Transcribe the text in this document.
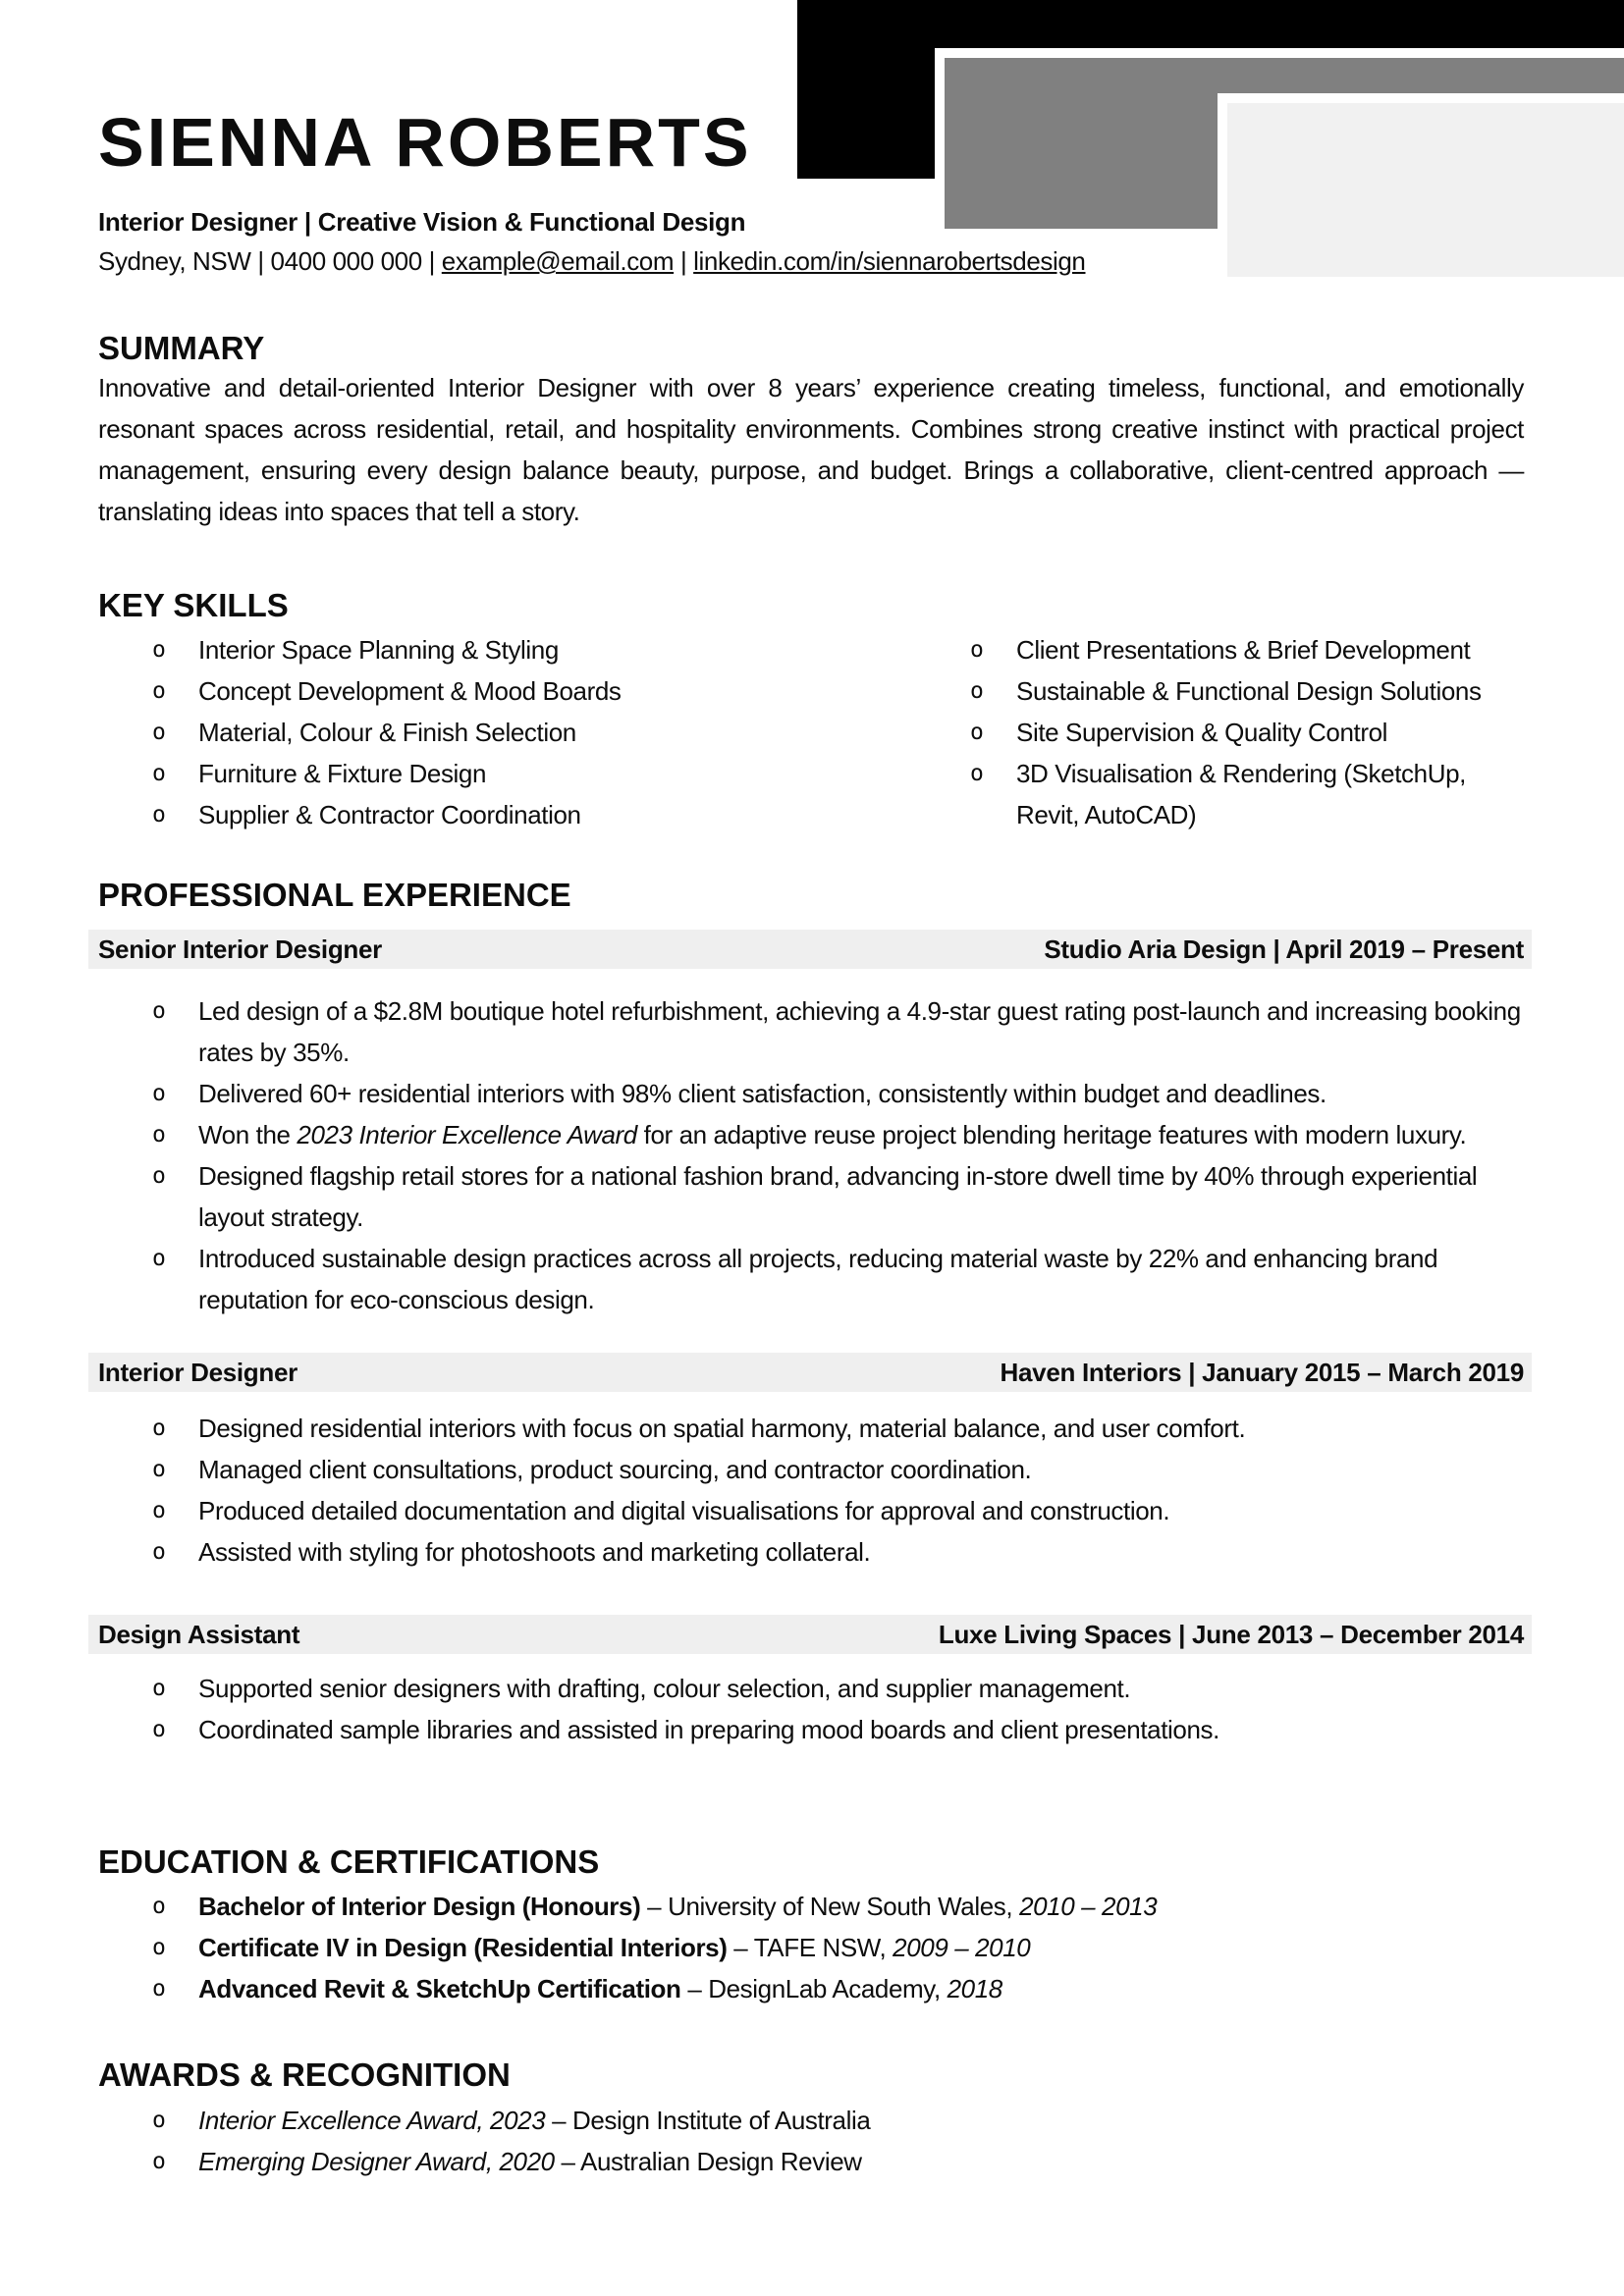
SIENNA ROBERTS
Interior Designer | Creative Vision & Functional Design
Sydney, NSW | 0400 000 000 | example@email.com | linkedin.com/in/siennarobertsdesign
SUMMARY

Innovative and detail-oriented Interior Designer with over 8 years’ experience creating timeless, functional, and emotionally resonant spaces across residential, retail, and hospitality environments. Combines strong creative instinct with practical project management, ensuring every design balance beauty, purpose, and budget. Brings a collaborative, client-centred approach — translating ideas into spaces that tell a story.

KEY SKILLS
o	Interior Space Planning & Styling
o	Concept Development & Mood Boards
o	Material, Colour & Finish Selection
o	Furniture & Fixture Design
o	Supplier & Contractor Coordination
o	Client Presentations & Brief Development
o	Sustainable & Functional Design Solutions
o	Site Supervision & Quality Control
o	3D Visualisation & Rendering (SketchUp, Revit, AutoCAD)
PROFESSIONAL EXPERIENCE
Senior Interior Designer	Studio Aria Design | April 2019 – Present
o	Led design of a $2.8M boutique hotel refurbishment, achieving a 4.9-star guest rating post-launch and increasing booking rates by 35%.
o	Delivered 60+ residential interiors with 98% client satisfaction, consistently within budget and deadlines.
o	Won the 2023 Interior Excellence Award for an adaptive reuse project blending heritage features with modern luxury.
o	Designed flagship retail stores for a national fashion brand, advancing in-store dwell time by 40% through experiential layout strategy.
o	Introduced sustainable design practices across all projects, reducing material waste by 22% and enhancing brand reputation for eco-conscious design.
Interior Designer	Haven Interiors | January 2015 – March 2019
o	Designed residential interiors with focus on spatial harmony, material balance, and user comfort.
o	Managed client consultations, product sourcing, and contractor coordination.
o	Produced detailed documentation and digital visualisations for approval and construction.
o	Assisted with styling for photoshoots and marketing collateral.
Design Assistant	Luxe Living Spaces | June 2013 – December 2014
o	Supported senior designers with drafting, colour selection, and supplier management.
o	Coordinated sample libraries and assisted in preparing mood boards and client presentations.
EDUCATION & CERTIFICATIONS
o	Bachelor of Interior Design (Honours) – University of New South Wales, 2010 – 2013
o	Certificate IV in Design (Residential Interiors) – TAFE NSW, 2009 – 2010
o	Advanced Revit & SketchUp Certification – DesignLab Academy, 2018
AWARDS & RECOGNITION
o	Interior Excellence Award, 2023 – Design Institute of Australia
o	Emerging Designer Award, 2020 – Australian Design Review
